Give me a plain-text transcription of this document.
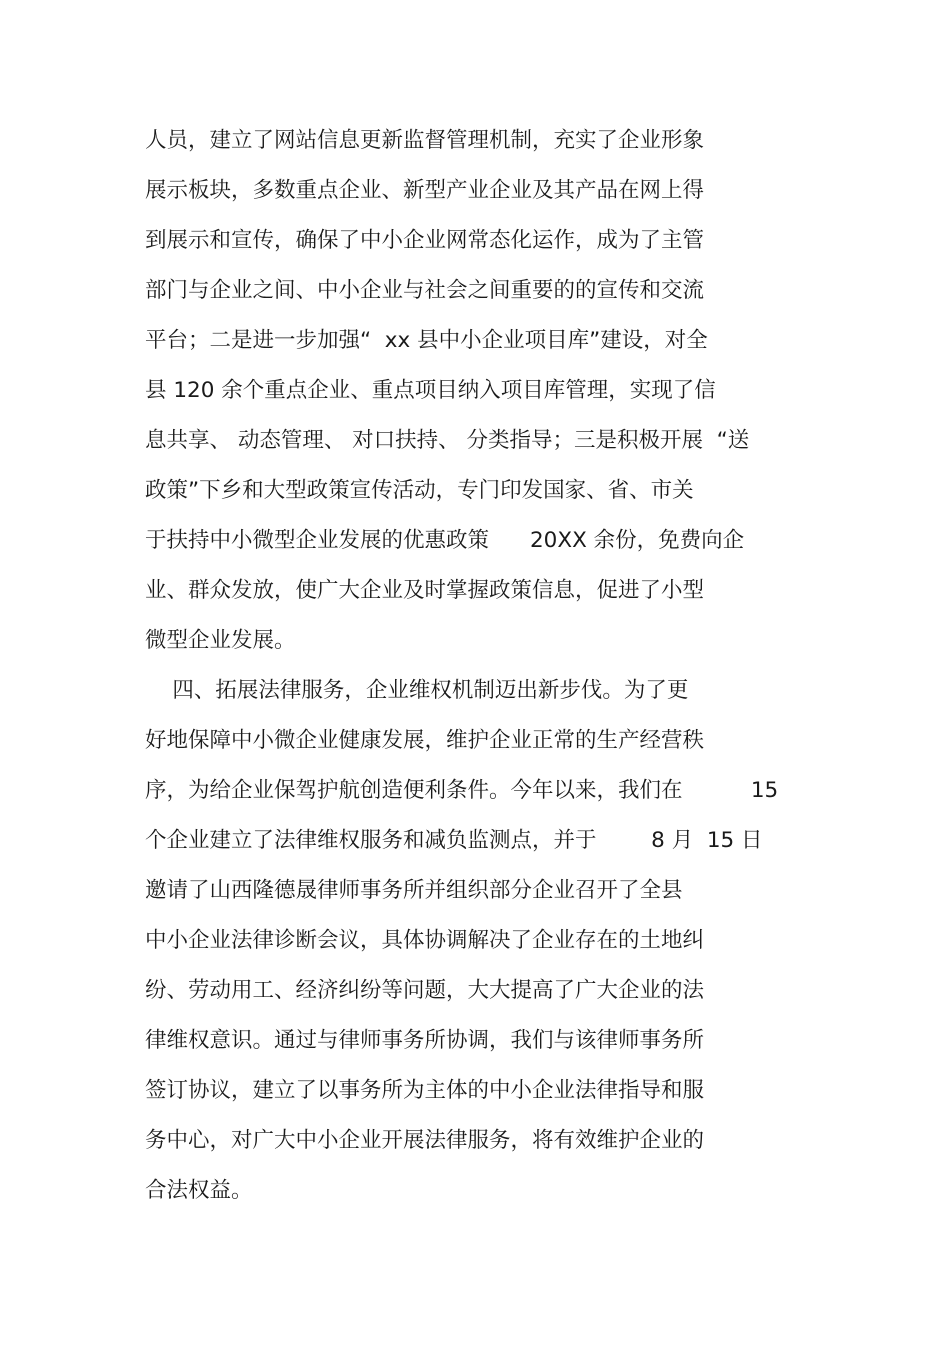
人员，建立了网站信息更新监督管理机制，充实了企业形象
展示板块，多数重点企业、新型产业企业及其产品在网上得
到展示和宣传，确保了中小企业网常态化运作，成为了主管
部门与企业之间、中小企业与社会之间重要的的宣传和交流
平台；二是进一步加强“  xx 县中小企业项目库”建设，对全
县 120 余个重点企业、重点项目纳入项目库管理，实现了信
息共享、 动态管理、 对口扶持、 分类指导；三是积极开展  “送
政策”下乡和大型政策宣传活动，专门印发国家、省、市关
于扶持中小微型企业发展的优惠政策      20XX 余份，免费向企
业、群众发放，使广大企业及时掌握政策信息，促进了小型
微型企业发展。
四、拓展法律服务，企业维权机制迈出新步伐。为了更
好地保障中小微企业健康发展，维护企业正常的生产经营秩
序，为给企业保驾护航创造便利条件。今年以来，我们在          15
个企业建立了法律维权服务和减负监测点，并于        8 月  15 日
邀请了山西隆德晟律师事务所并组织部分企业召开了全县
中小企业法律诊断会议，具体协调解决了企业存在的土地纠
纷、劳动用工、经济纠纷等问题，大大提高了广大企业的法
律维权意识。通过与律师事务所协调，我们与该律师事务所
签订协议，建立了以事务所为主体的中小企业法律指导和服
务中心，对广大中小企业开展法律服务，将有效维护企业的
合法权益。
